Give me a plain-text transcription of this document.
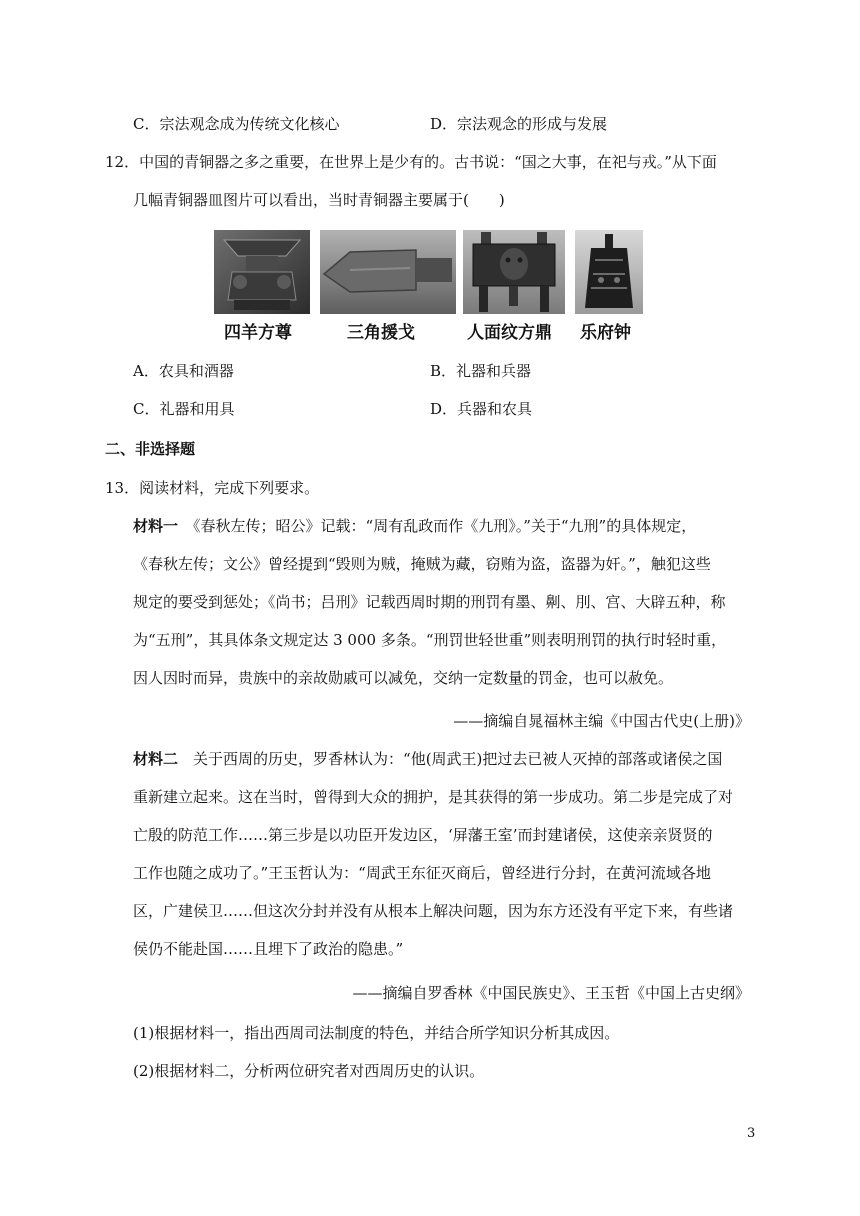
C．宗法观念成为传统文化核心	D．宗法观念的形成与发展
12．中国的青铜器之多之重要，在世界上是少有的。古书说：“国之大事，在祀与戎。”从下面
几幅青铜器皿图片可以看出，当时青铜器主要属于(　　)
四羊方尊	三角援戈	人面纹方鼎 乐府钟
A．农具和酒器	B．礼器和兵器
C．礼器和用具	D．兵器和农具
二、非选择题
13．阅读材料，完成下列要求。
材料一　 《春秋左传；昭公》记载：“周有乱政而作《九刑》。”关于“九刑”的具体规定，
《春秋左传；文公》曾经提到“毁则为贼，掩贼为藏，窃贿为盗，盗器为奸。”，触犯这些
规定的要受到惩处；《尚书；吕刑》记载西周时期的刑罚有墨、劓、刖、宫、大辟五种，称
为“五刑”，其具体条文规定达 3 000 多条。“刑罚世轻世重”则表明刑罚的执行时轻时重，
因人因时而异，贵族中的亲故勋戚可以减免，交纳一定数量的罚金，也可以赦免。
——摘编自晁福林主编《中国古代史(上册)》
材料二　 关于西周的历史，罗香林认为：“他(周武王)把过去已被人灭掉的部落或诸侯之国
重新建立起来。这在当时，曾得到大众的拥护，是其获得的第一步成功。第二步是完成了对
亡殷的防范工作……第三步是以功臣开发边区，‘屏藩王室’而封建诸侯，这使亲亲贤贤的
工作也随之成功了。”王玉哲认为：“周武王东征灭商后，曾经进行分封，在黄河流域各地
区，广建侯卫……但这次分封并没有从根本上解决问题，因为东方还没有平定下来，有些诸
侯仍不能赴国……且埋下了政治的隐患。”
——摘编自罗香林《中国民族史》、王玉哲《中国上古史纲》
(1)根据材料一，指出西周司法制度的特色，并结合所学知识分析其成因。
(2)根据材料二，分析两位研究者对西周历史的认识。
3
